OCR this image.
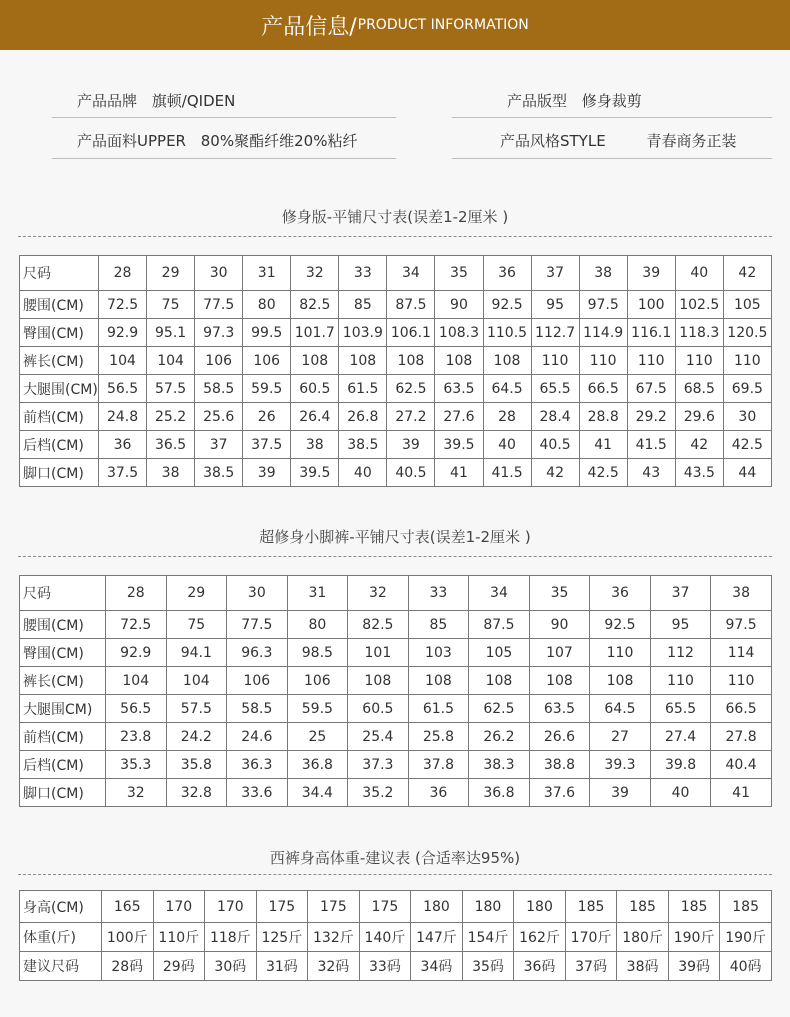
产品信息/ PRODUCT INFORMATION
产品品牌 旗顿/QIDEN	产品版型 修身裁剪
产品面料UPPER 80%聚酯纤维20%粘纤	产品风格STYLE	青春商务正装
修身版-平铺尺寸表(误差1-2厘米 )
尺码	28	29	30	31	32	33	34	35	36	37	38	39	40	42
腰围(CM)	72.5	75	77.5	80	82.5	85	87.5	90	92.5	95	97.5	100	102.5	105
臀围(CM)	92.9	95.1	97.3	99.5	101.7	103.9	106.1	108.3	110.5	112.7	114.9	116.1	118.3	120.5
裤长(CM)	104	104	106	106	108	108	108	108	108	110	110	110	110	110
大腿围(CM)	56.5	57.5	58.5	59.5	60.5	61.5	62.5	63.5	64.5	65.5	66.5	67.5	68.5	69.5
前档(CM)	24.8	25.2	25.6	26	26.4	26.8	27.2	27.6	28	28.4	28.8	29.2	29.6	30
后档(CM)	36	36.5	37	37.5	38	38.5	39	39.5	40	40.5	41	41.5	42	42.5
脚口(CM)	37.5	38	38.5	39	39.5	40	40.5	41	41.5	42	42.5	43	43.5	44
超修身小脚裤-平铺尺寸表(误差1-2厘米 )
尺码	28	29	30	31	32	33	34	35	36	37	38
腰围(CM)	72.5	75	77.5	80	82.5	85	87.5	90	92.5	95	97.5
臀围(CM)	92.9	94.1	96.3	98.5	101	103	105	107	110	112	114
裤长(CM)	104	104	106	106	108	108	108	108	108	110	110
大腿围CM)	56.5	57.5	58.5	59.5	60.5	61.5	62.5	63.5	64.5	65.5	66.5
前档(CM)	23.8	24.2	24.6	25	25.4	25.8	26.2	26.6	27	27.4	27.8
后档(CM)	35.3	35.8	36.3	36.8	37.3	37.8	38.3	38.8	39.3	39.8	40.4
脚口(CM)	32	32.8	33.6	34.4	35.2	36	36.8	37.6	39	40	41
西裤身高体重-建议表 (合适率达95%)
身高(CM)	165	170	170	175	175	175	180	180	180	185	185	185	185
体重(斤)	100斤	110斤	118斤	125斤	132斤	140斤	147斤	154斤	162斤	170斤	180斤	190斤	190斤
建议尺码	28码	29码	30码	31码	32码	33码	34码	35码	36码	37码	38码	39码	40码
